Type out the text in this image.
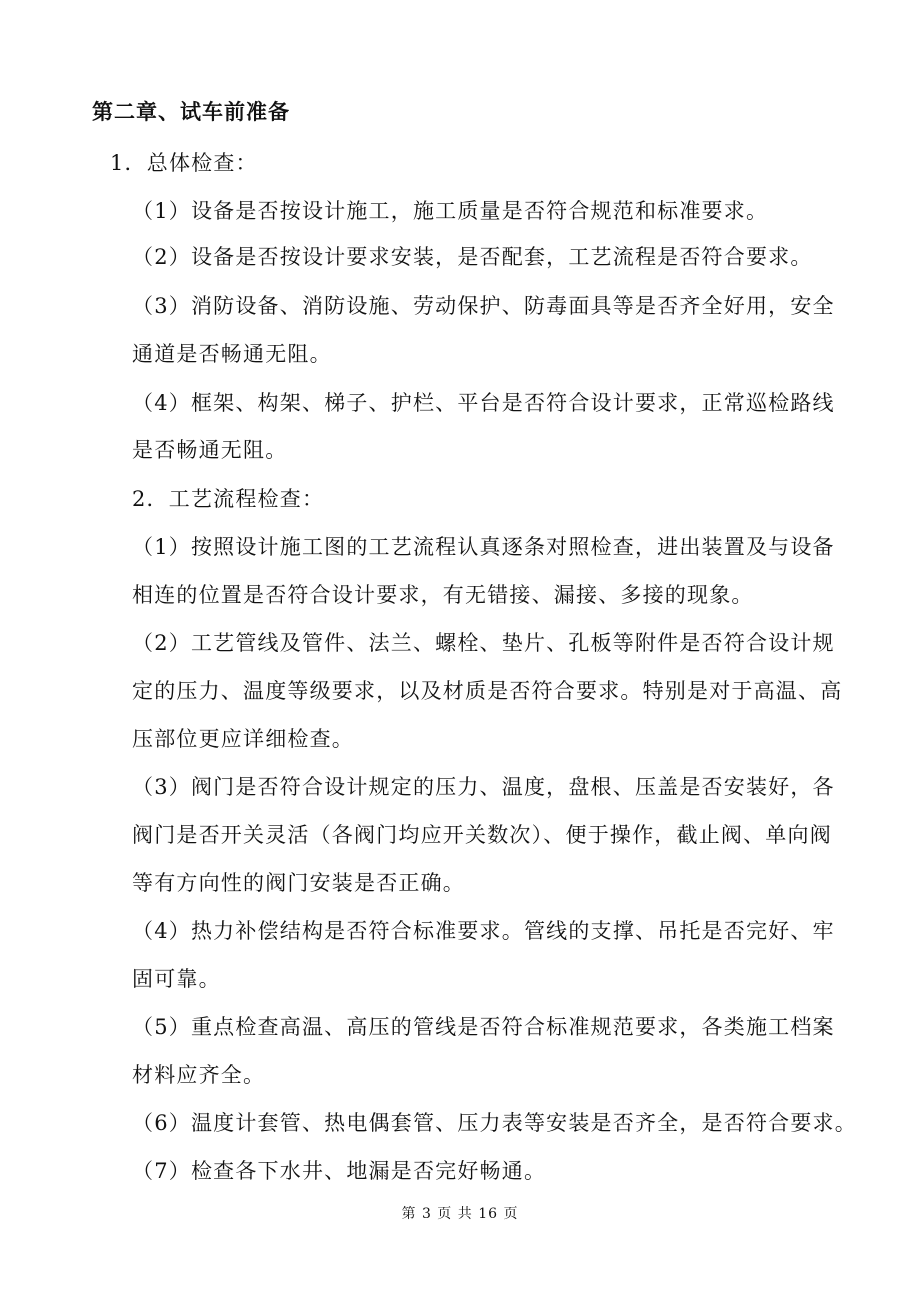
第二章、试车前准备
1．总体检查：
（1）设备是否按设计施工，施工质量是否符合规范和标准要求。
（2）设备是否按设计要求安装，是否配套，工艺流程是否符合要求。
（3）消防设备、消防设施、劳动保护、防毒面具等是否齐全好用，安全
通道是否畅通无阻。
（4）框架、构架、梯子、护栏、平台是否符合设计要求，正常巡检路线
是否畅通无阻。
2．工艺流程检查：
（1）按照设计施工图的工艺流程认真逐条对照检查，进出装置及与设备
相连的位置是否符合设计要求，有无错接、漏接、多接的现象。
（2）工艺管线及管件、法兰、螺栓、垫片、孔板等附件是否符合设计规
定的压力、温度等级要求，以及材质是否符合要求。特别是对于高温、高
压部位更应详细检查。
（3）阀门是否符合设计规定的压力、温度，盘根、压盖是否安装好，各
阀门是否开关灵活（各阀门均应开关数次）、便于操作，截止阀、单向阀
等有方向性的阀门安装是否正确。
（4）热力补偿结构是否符合标准要求。管线的支撑、吊托是否完好、牢
固可靠。
（5）重点检查高温、高压的管线是否符合标准规范要求，各类施工档案
材料应齐全。
（6）温度计套管、热电偶套管、压力表等安装是否齐全，是否符合要求。
（7）检查各下水井、地漏是否完好畅通。
第 3 页 共 16 页
